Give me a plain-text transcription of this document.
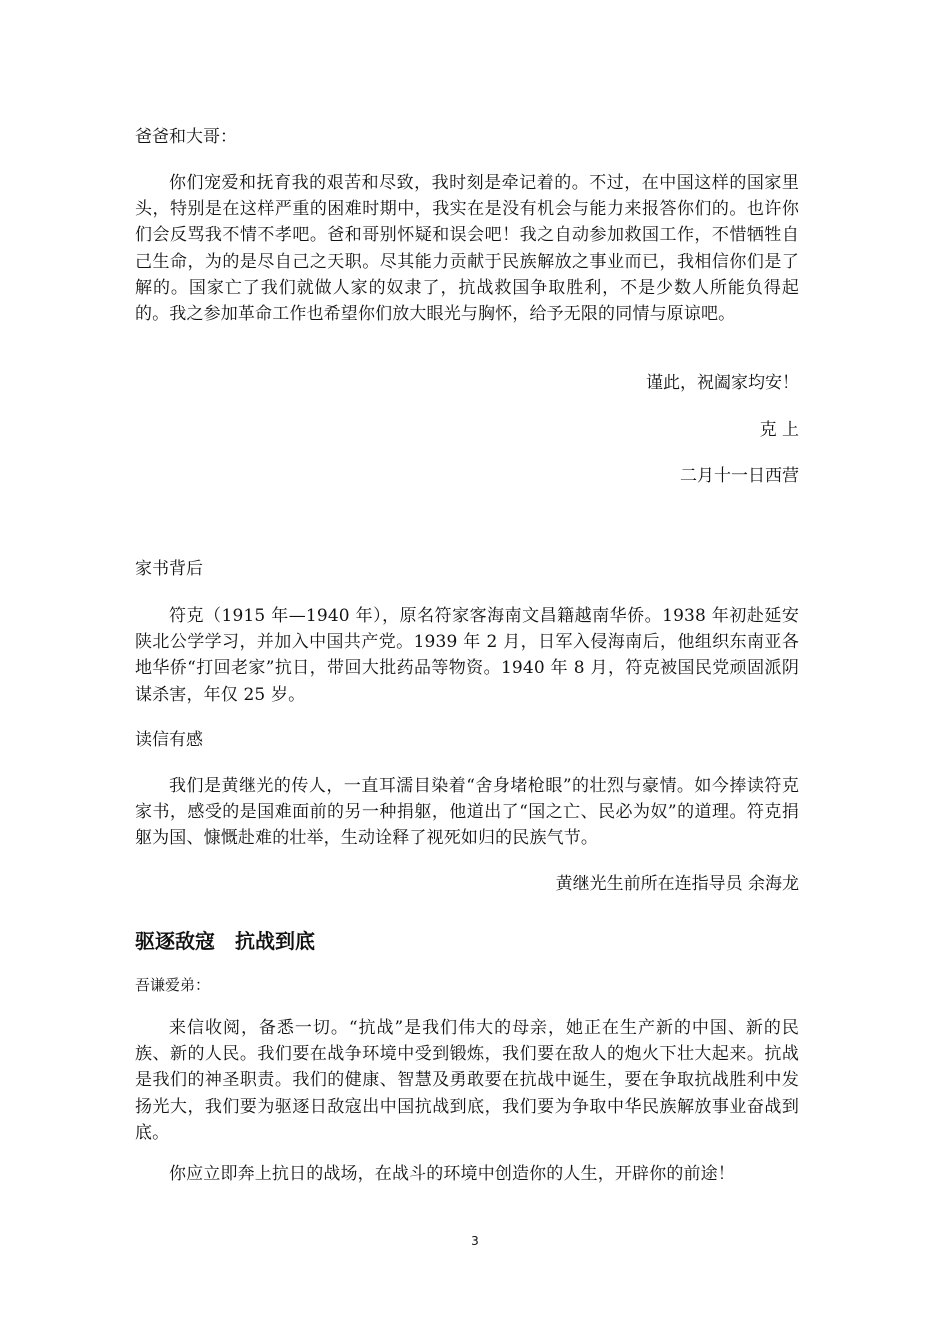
爸爸和大哥：
你们宠爱和抚育我的艰苦和尽致，我时刻是牵记着的。不过，在中国这样的国家里头，特别是在这样严重的困难时期中，我实在是没有机会与能力来报答你们的。也许你们会反骂我不情不孝吧。爸和哥别怀疑和误会吧！我之自动参加救国工作，不惜牺牲自己生命，为的是尽自己之天职。尽其能力贡献于民族解放之事业而已，我相信你们是了解的。国家亡了我们就做人家的奴隶了，抗战救国争取胜利，不是少数人所能负得起的。我之参加革命工作也希望你们放大眼光与胸怀，给予无限的同情与原谅吧。
谨此，祝阖家均安！
克 上
二月十一日西营
家书背后
符克（1915 年—1940 年），原名符家客海南文昌籍越南华侨。1938 年初赴延安陕北公学学习，并加入中国共产党。1939 年 2 月，日军入侵海南后，他组织东南亚各地华侨“打回老家”抗日，带回大批药品等物资。1940 年 8 月，符克被国民党顽固派阴谋杀害，年仅 25 岁。
读信有感
我们是黄继光的传人，一直耳濡目染着“舍身堵枪眼”的壮烈与豪情。如今捧读符克家书，感受的是国难面前的另一种捐躯，他道出了“国之亡、民必为奴”的道理。符克捐躯为国、慷慨赴难的壮举，生动诠释了视死如归的民族气节。
黄继光生前所在连指导员 余海龙
驱逐敌寇　抗战到底
吾谦爱弟：
来信收阅，备悉一切。“抗战”是我们伟大的母亲，她正在生产新的中国、新的民族、新的人民。我们要在战争环境中受到锻炼，我们要在敌人的炮火下壮大起来。抗战是我们的神圣职责。我们的健康、智慧及勇敢要在抗战中诞生，要在争取抗战胜利中发扬光大，我们要为驱逐日敌寇出中国抗战到底，我们要为争取中华民族解放事业奋战到底。
你应立即奔上抗日的战场，在战斗的环境中创造你的人生，开辟你的前途！
3
